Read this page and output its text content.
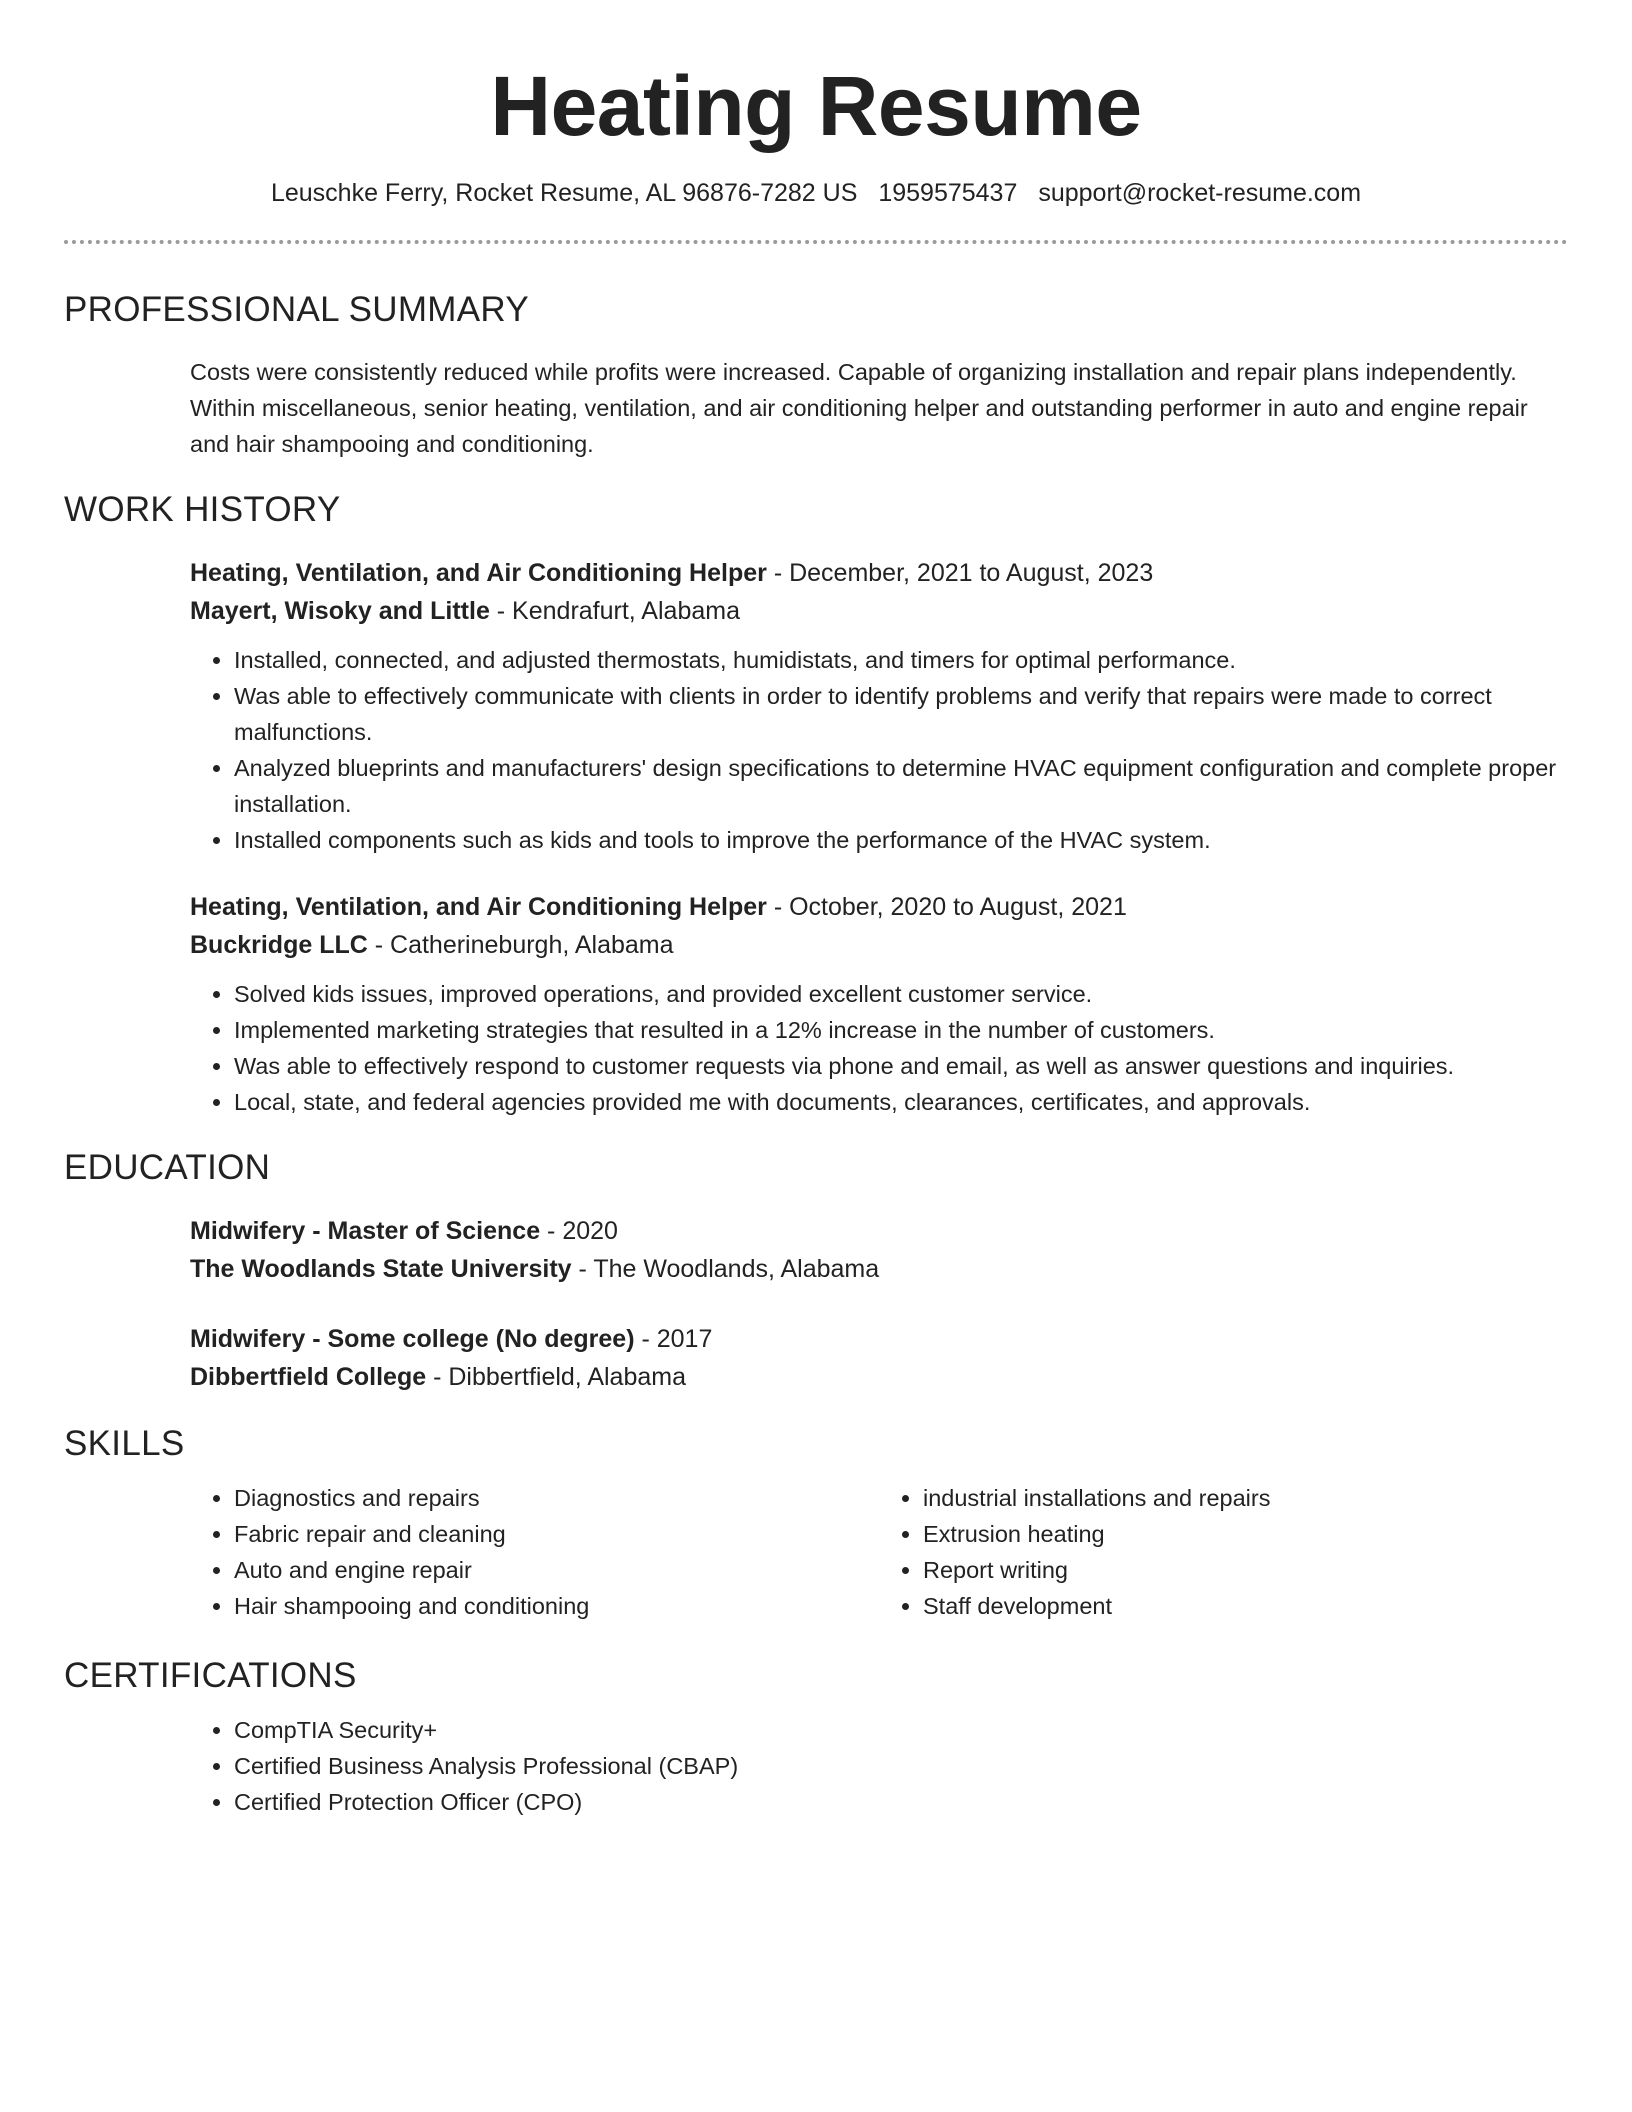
Heating Resume
Leuschke Ferry, Rocket Resume, AL 96876-7282 US 1959575437 support@rocket-resume.com
PROFESSIONAL SUMMARY

Costs were consistently reduced while profits were increased. Capable of organizing installation and repair plans independently. Within miscellaneous, senior heating, ventilation, and air conditioning helper and outstanding performer in auto and engine repair and hair shampooing and conditioning.

WORK HISTORY
Heating, Ventilation, and Air Conditioning Helper - December, 2021 to August, 2023
Mayert, Wisoky and Little - Kendrafurt, Alabama
• Installed, connected, and adjusted thermostats, humidistats, and timers for optimal performance.
• Was able to effectively communicate with clients in order to identify problems and verify that repairs were made to correct malfunctions.
• Analyzed blueprints and manufacturers' design specifications to determine HVAC equipment configuration and complete proper installation.
• Installed components such as kids and tools to improve the performance of the HVAC system.
Heating, Ventilation, and Air Conditioning Helper - October, 2020 to August, 2021
Buckridge LLC - Catherineburgh, Alabama
• Solved kids issues, improved operations, and provided excellent customer service.
• Implemented marketing strategies that resulted in a 12% increase in the number of customers.
• Was able to effectively respond to customer requests via phone and email, as well as answer questions and inquiries.
• Local, state, and federal agencies provided me with documents, clearances, certificates, and approvals.
EDUCATION
Midwifery - Master of Science - 2020
The Woodlands State University - The Woodlands, Alabama
Midwifery - Some college (No degree) - 2017
Dibbertfield College - Dibbertfield, Alabama
SKILLS
• Diagnostics and repairs
• Fabric repair and cleaning
• Auto and engine repair
• Hair shampooing and conditioning
• industrial installations and repairs
• Extrusion heating
• Report writing
• Staff development
CERTIFICATIONS
• CompTIA Security+
• Certified Business Analysis Professional (CBAP)
• Certified Protection Officer (CPO)
